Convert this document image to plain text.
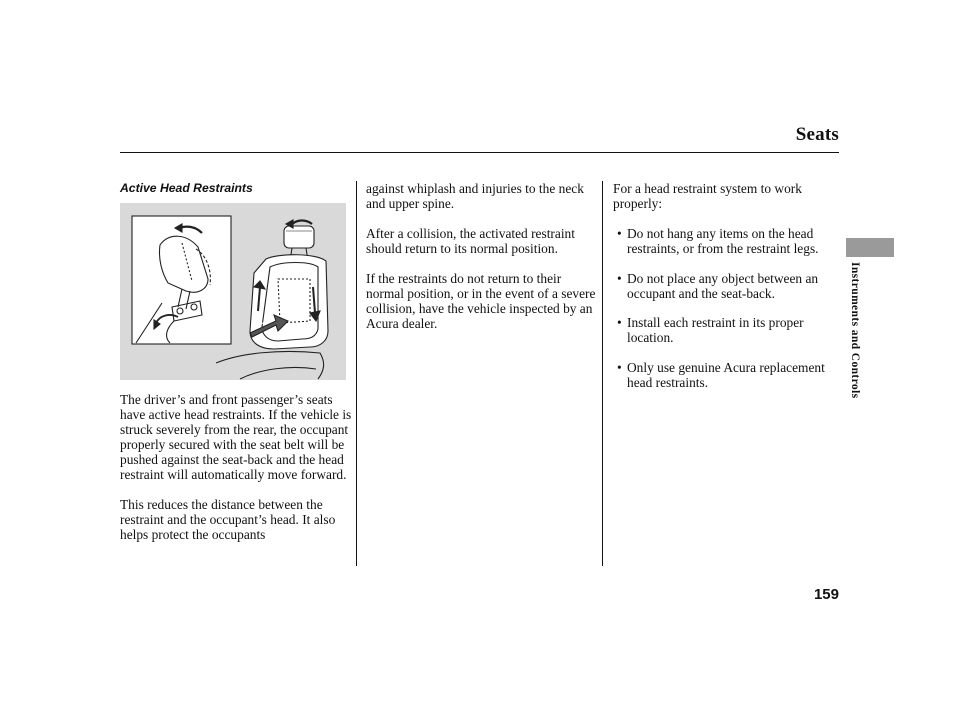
Seats
Active Head Restraints

The driver’s and front passenger’s seats have active head restraints. If the vehicle is struck severely from the rear, the occupant properly secured with the seat belt will be pushed against the seat-back and the head restraint will automatically move forward.

This reduces the distance between the restraint and the occupant’s head. It also helps protect the occupants

against whiplash and injuries to the neck and upper spine.

After a collision, the activated restraint should return to its normal position.

If the restraints do not return to their normal position, or in the event of a severe collision, have the vehicle inspected by an Acura dealer.

For a head restraint system to work properly:

• Do not hang any items on the head restraints, or from the restraint legs.
• Do not place any object between an occupant and the seat-back.
• Install each restraint in its proper location.
• Only use genuine Acura replacement head restraints.	Instruments and Controls
159
